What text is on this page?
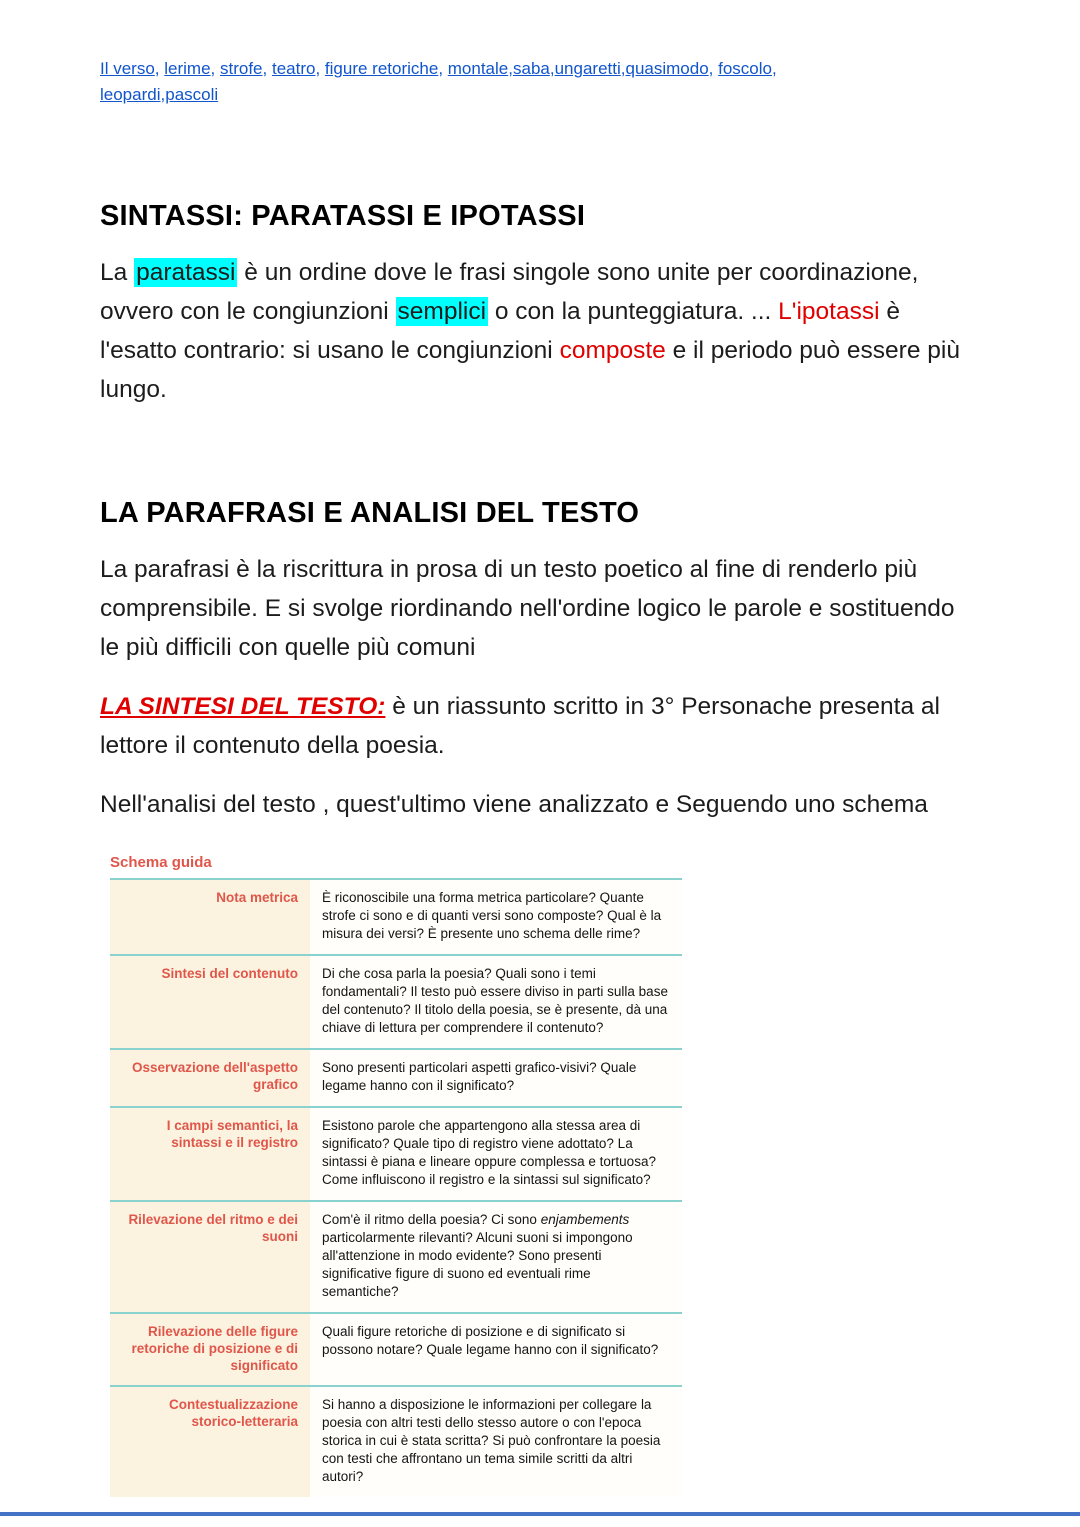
Il verso, lerime, strofe, teatro, figure retoriche, montale,saba,ungaretti,quasimodo, foscolo, leopardi,pascoli

SINTASSI: PARATASSI E IPOTASSI

La paratassi è un ordine dove le frasi singole sono unite per coordinazione, ovvero con le congiunzioni semplici o con la punteggiatura. ... L'ipotassi è l'esatto contrario: si usano le congiunzioni composte e il periodo può essere più lungo.

LA PARAFRASI E ANALISI DEL TESTO

La parafrasi è la riscrittura in prosa di un testo poetico al fine di renderlo più comprensibile. E si svolge riordinando nell'ordine logico le parole e sostituendo le più difficili con quelle più comuni

LA SINTESI DEL TESTO: è un riassunto scritto in 3° Personache presenta al lettore il contenuto della poesia.

Nell'analisi del testo , quest'ultimo viene analizzato e Seguendo uno schema

Schema guida
Nota metrica	È riconoscibile una forma metrica particolare? Quante strofe ci sono e di quanti versi sono composte? Qual è la misura dei versi? È presente uno schema delle rime?
Sintesi del contenuto	Di che cosa parla la poesia? Quali sono i temi fondamentali? Il testo può essere diviso in parti sulla base del contenuto? Il titolo della poesia, se è presente, dà una chiave di lettura per comprendere il contenuto?
Osservazione dell'aspetto grafico
Sono presenti particolari aspetti grafico-visivi? Quale legame hanno con il significato?
I campi semantici, la sintassi e il registro
Esistono parole che appartengono alla stessa area di significato? Quale tipo di registro viene adottato? La sintassi è piana e lineare oppure complessa e tortuosa? Come influiscono il registro e la sintassi sul significato?
Rilevazione del ritmo e dei suoni
Com'è il ritmo della poesia? Ci sono enjambements particolarmente rilevanti? Alcuni suoni si impongono all'attenzione in modo evidente? Sono presenti significative figure di suono ed eventuali rime semantiche?
Rilevazione delle figure retoriche di posizione e di significato
Quali figure retoriche di posizione e di significato si possono notare? Quale legame hanno con il significato?
Contestualizzazione storico-letteraria
Si hanno a disposizione le informazioni per collegare la poesia con altri testi dello stesso autore o con l'epoca storica in cui è stata scritta? Si può confrontare la poesia con testi che affrontano un tema simile scritti da altri autori?
